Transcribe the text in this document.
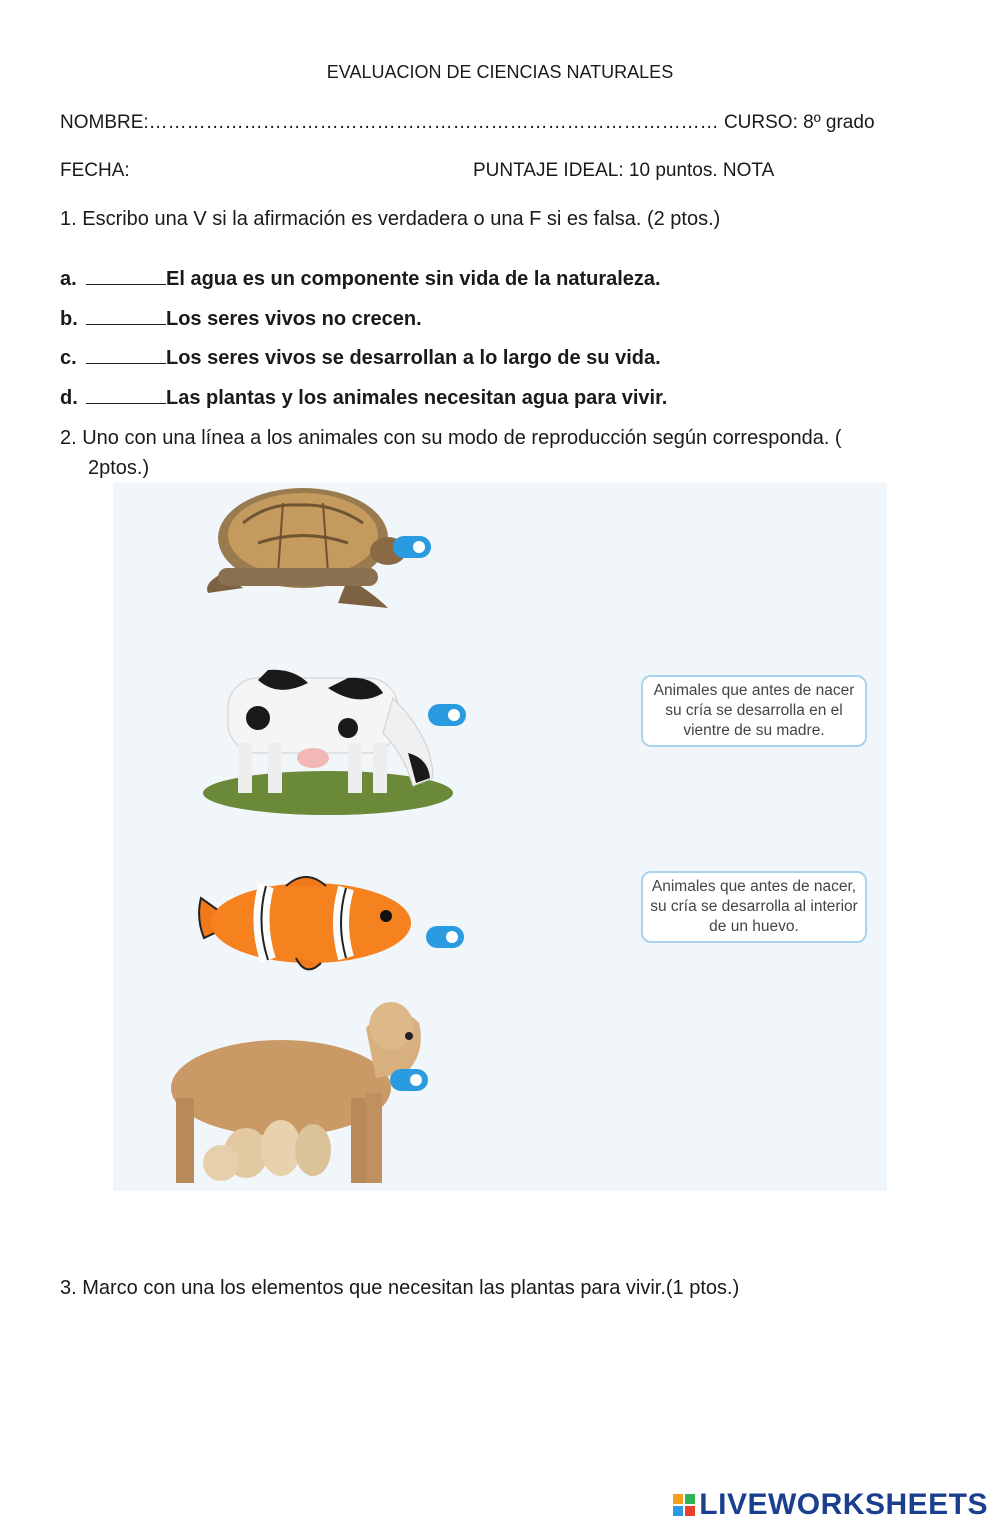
EVALUACION DE CIENCIAS NATURALES
NOMBRE:……………………………………………………………………………… CURSO: 8º grado
FECHA:	PUNTAJE IDEAL: 10 puntos. NOTA
1. Escribo una V si la afirmación es verdadera o una F si es falsa. (2 ptos.)
a.	El agua es un componente sin vida de la naturaleza.
b.	Los seres vivos no crecen.
c.	Los seres vivos se desarrollan a lo largo de su vida.
d.	Las plantas y los animales necesitan agua para vivir.
2. Uno con una línea a los animales con su modo de reproducción según corresponda. (
2ptos.)
Animales que antes de nacer su cría se desarrolla en el vientre de su madre.
Animales que antes de nacer, su cría se desarrolla al interior de un huevo.
3. Marco con una los elementos que necesitan las plantas para vivir.(1 ptos.)
LIVEWORKSHEETS
